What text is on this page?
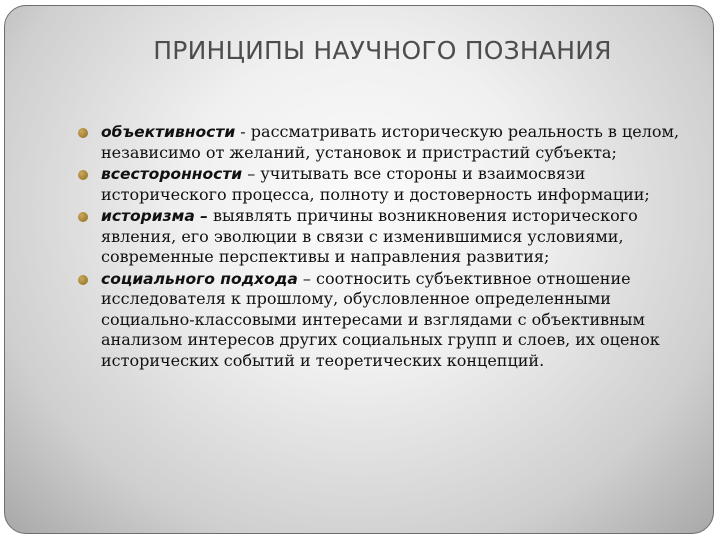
ПРИНЦИПЫ НАУЧНОГО ПОЗНАНИЯ
объективности - рассматривать историческую реальность в целом, независимо от желаний, установок и пристрастий субъекта;
всесторонности – учитывать все стороны и взаимосвязи исторического процесса, полноту и достоверность информации;
историзма – выявлять причины возникновения исторического явления, его эволюции в связи с изменившимися условиями, современные перспективы и направления развития;
социального подхода – соотносить субъективное отношение исследователя к прошлому, обусловленное определенными социально-классовыми интересами и взглядами с объективным анализом интересов других социальных групп и слоев, их оценок исторических событий и теоретических концепций.
